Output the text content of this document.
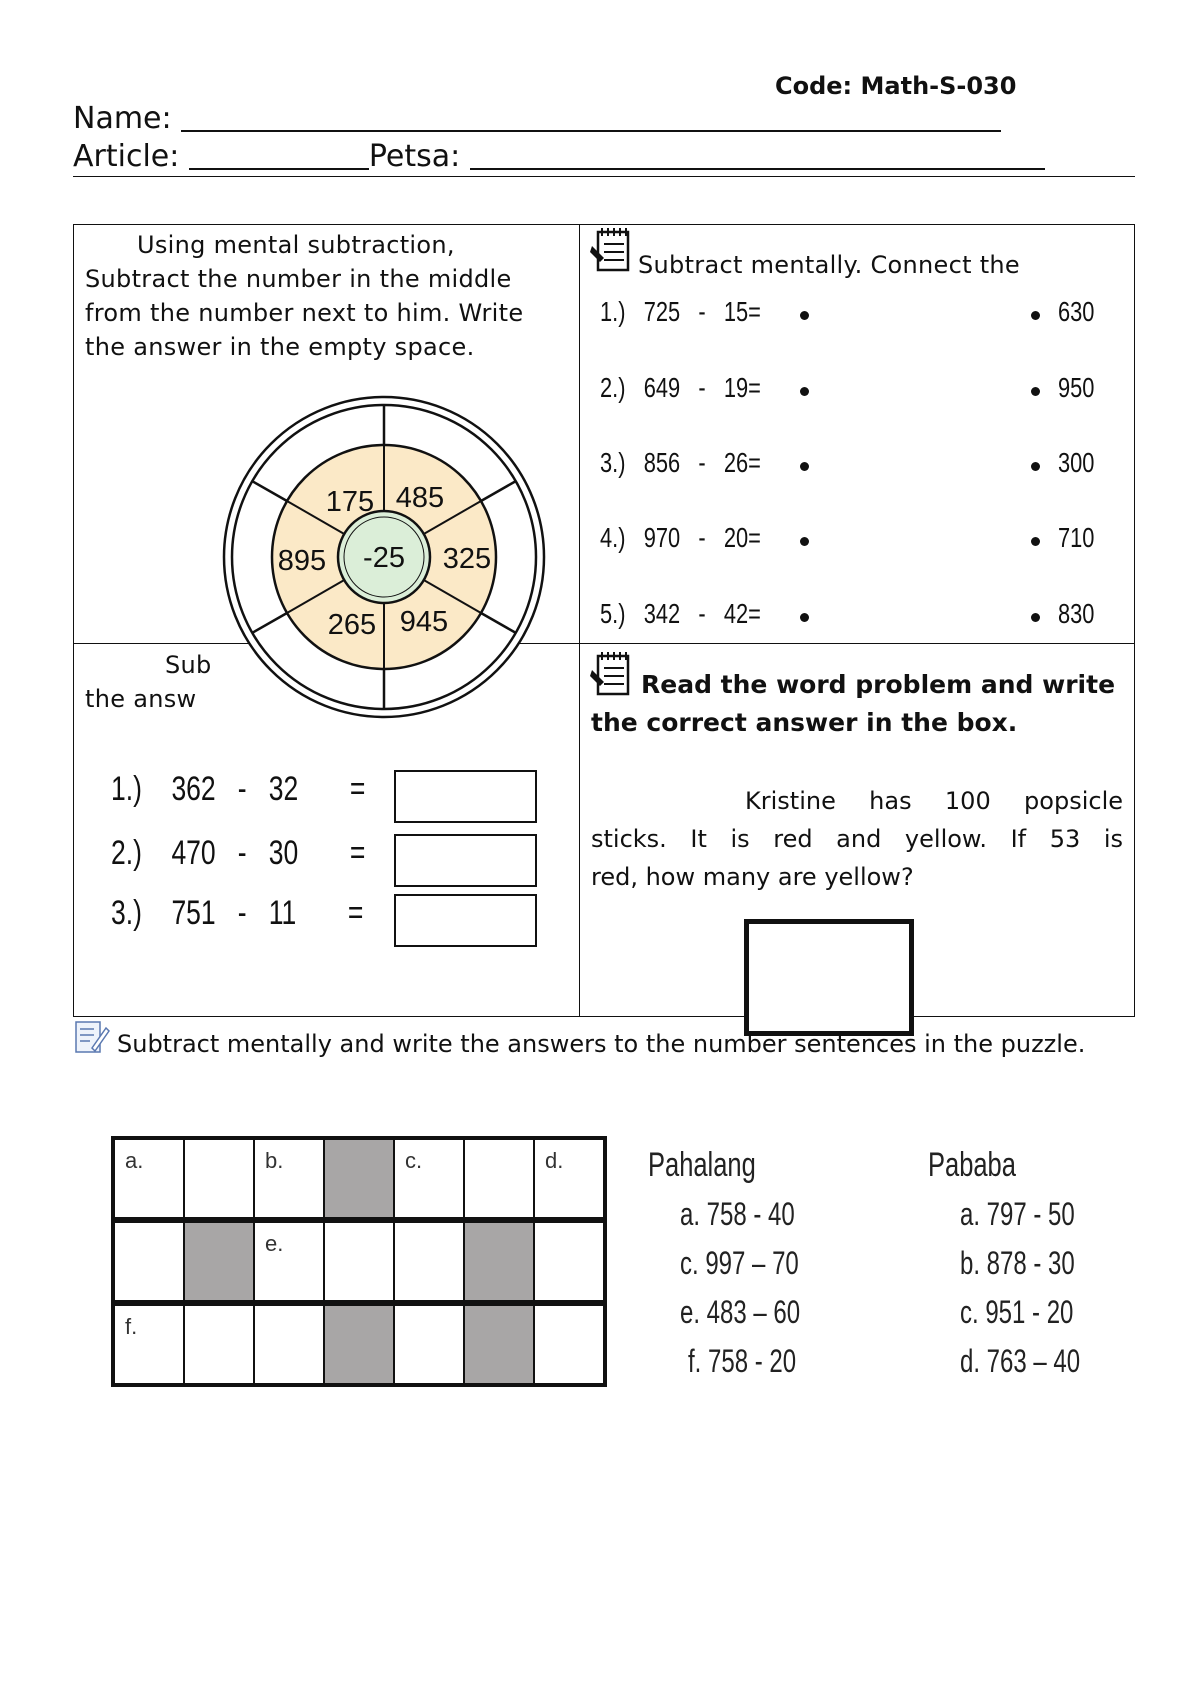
Code: Math-S-030
Name:
Article:	Petsa:
Using mental subtraction, Subtract the number in the middle from the number next to him. Write the answer in the empty space.
Sub
the answ
-25
175 485
325
945
265
895
Subtract mentally. Connect the
1.) 725 - 15=	630
2.) 649 - 19=	950
3.) 856 - 26=	300
4.) 970 - 20=	710
5.) 342 - 42=	830
1.) 362 - 32 =
2.) 470 - 30 =
3.) 751 - 11 =
Read the word problem and write the correct answer in the box.
Kristine has 100 popsicle
sticks. It is red and yellow. If 53 is
red, how many are yellow?
Subtract mentally and write the answers to the number sentences in the puzzle.
a.		b.		c.		d.

		e.				

f.						

Pahalang
a. 758 - 40
c. 997 – 70
e. 483 – 60
f. 758 - 20
Pababa
a. 797 - 50
b. 878 - 30
c. 951 - 20
d. 763 – 40
